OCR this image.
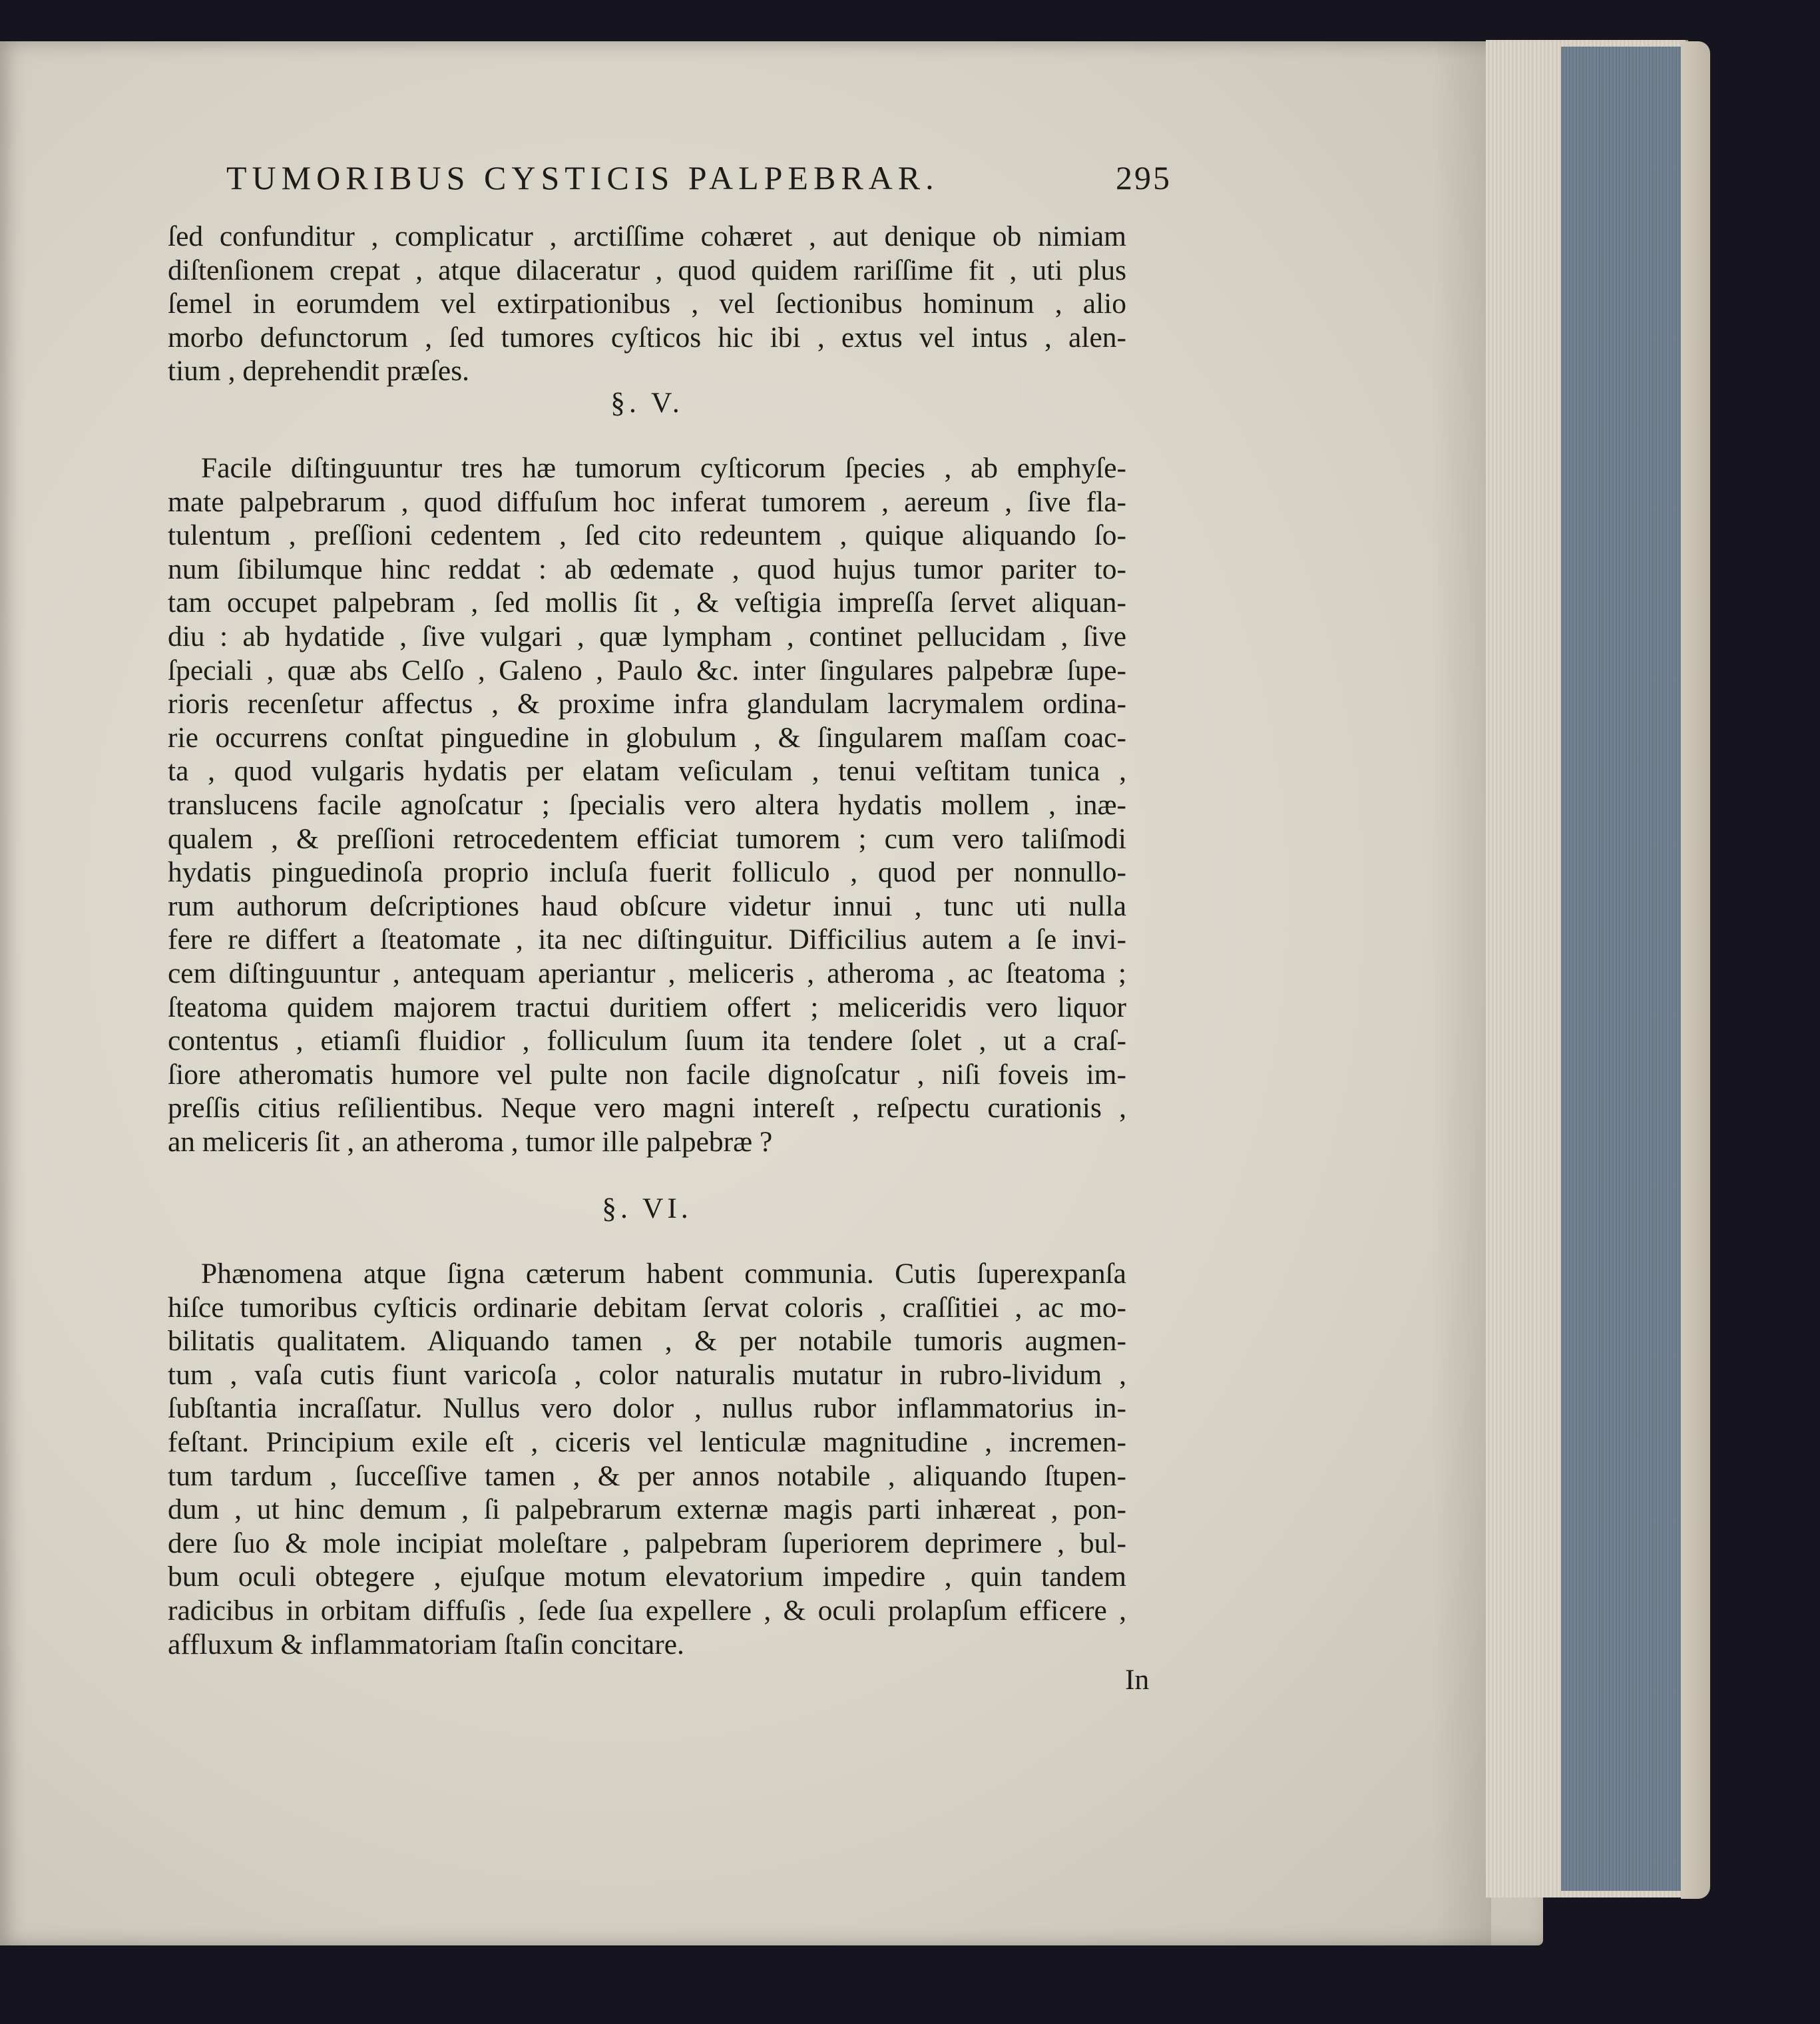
TUMORIBUS CYSTICIS PALPEBRAR.	295
ſed confunditur , complicatur , arctiſſime cohæret , aut denique ob nimiam
diſtenſionem crepat , atque dilaceratur , quod quidem rariſſime fit , uti plus
ſemel in eorumdem vel extirpationibus , vel ſectionibus hominum , alio
morbo defunctorum , ſed tumores cyſticos hic ibi , extus vel intus , alen-
tium , deprehendit præſes.
§. V.
Facile diſtinguuntur tres hæ tumorum cyſticorum ſpecies , ab emphyſe-
mate palpebrarum , quod diffuſum hoc inferat tumorem , aereum , ſive fla-
tulentum , preſſioni cedentem , ſed cito redeuntem , quique aliquando ſo-
num ſibilumque hinc reddat : ab œdemate , quod hujus tumor pariter to-
tam occupet palpebram , ſed mollis ſit , & veſtigia impreſſa ſervet aliquan-
diu : ab hydatide , ſive vulgari , quæ lympham , continet pellucidam , ſive
ſpeciali , quæ abs Celſo , Galeno , Paulo &c. inter ſingulares palpebræ ſupe-
rioris recenſetur affectus , & proxime infra glandulam lacrymalem ordina-
rie occurrens conſtat pinguedine in globulum , & ſingularem maſſam coac-
ta , quod vulgaris hydatis per elatam veſiculam , tenui veſtitam tunica ,
translucens facile agnoſcatur ; ſpecialis vero altera hydatis mollem , inæ-
qualem , & preſſioni retrocedentem efficiat tumorem ; cum vero taliſmodi
hydatis pinguedinoſa proprio incluſa fuerit folliculo , quod per nonnullo-
rum authorum deſcriptiones haud obſcure videtur innui , tunc uti nulla
fere re differt a ſteatomate , ita nec diſtinguitur. Difficilius autem a ſe invi-
cem diſtinguuntur , antequam aperiantur , meliceris , atheroma , ac ſteatoma ;
ſteatoma quidem majorem tractui duritiem offert ; meliceridis vero liquor
contentus , etiamſi fluidior , folliculum ſuum ita tendere ſolet , ut a craſ-
ſiore atheromatis humore vel pulte non facile dignoſcatur , niſi foveis im-
preſſis citius reſilientibus. Neque vero magni intereſt , reſpectu curationis ,
an meliceris ſit , an atheroma , tumor ille palpebræ ?
§. VI.
Phænomena atque ſigna cæterum habent communia. Cutis ſuperexpanſa
hiſce tumoribus cyſticis ordinarie debitam ſervat coloris , craſſitiei , ac mo-
bilitatis qualitatem. Aliquando tamen , & per notabile tumoris augmen-
tum , vaſa cutis fiunt varicoſa , color naturalis mutatur in rubro-lividum ,
ſubſtantia incraſſatur. Nullus vero dolor , nullus rubor inflammatorius in-
feſtant. Principium exile eſt , ciceris vel lenticulæ magnitudine , incremen-
tum tardum , ſucceſſive tamen , & per annos notabile , aliquando ſtupen-
dum , ut hinc demum , ſi palpebrarum externæ magis parti inhæreat , pon-
dere ſuo & mole incipiat moleſtare , palpebram ſuperiorem deprimere , bul-
bum oculi obtegere , ejuſque motum elevatorium impedire , quin tandem
radicibus in orbitam diffuſis , ſede ſua expellere , & oculi prolapſum efficere ,
affluxum & inflammatoriam ſtaſin concitare.
In
